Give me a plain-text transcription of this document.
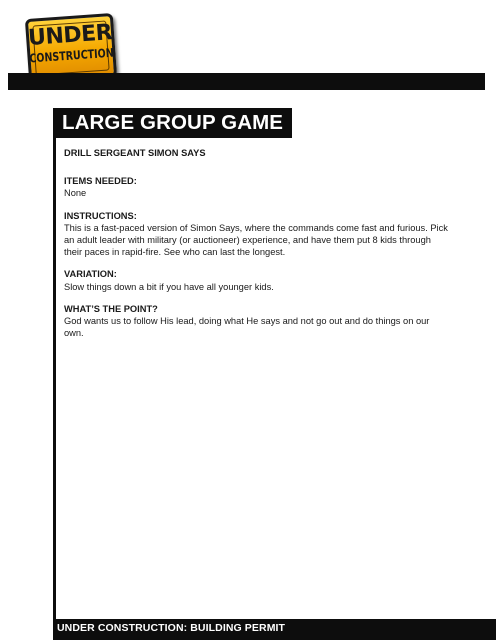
UNDER
CONSTRUCTION
LARGE GROUP GAME

DRILL SERGEANT SIMON SAYS

ITEMS NEEDED:

None

INSTRUCTIONS:

This is a fast-paced version of Simon Says, where the commands come fast and furious. Pick an adult leader with military (or auctioneer) experience, and have them put 8 kids through their paces in rapid-fire. See who can last the longest.

VARIATION:

Slow things down a bit if you have all younger kids.

WHAT’S THE POINT?

God wants us to follow His lead, doing what He says and not go out and do things on our own.

UNDER CONSTRUCTION: BUILDING PERMIT
